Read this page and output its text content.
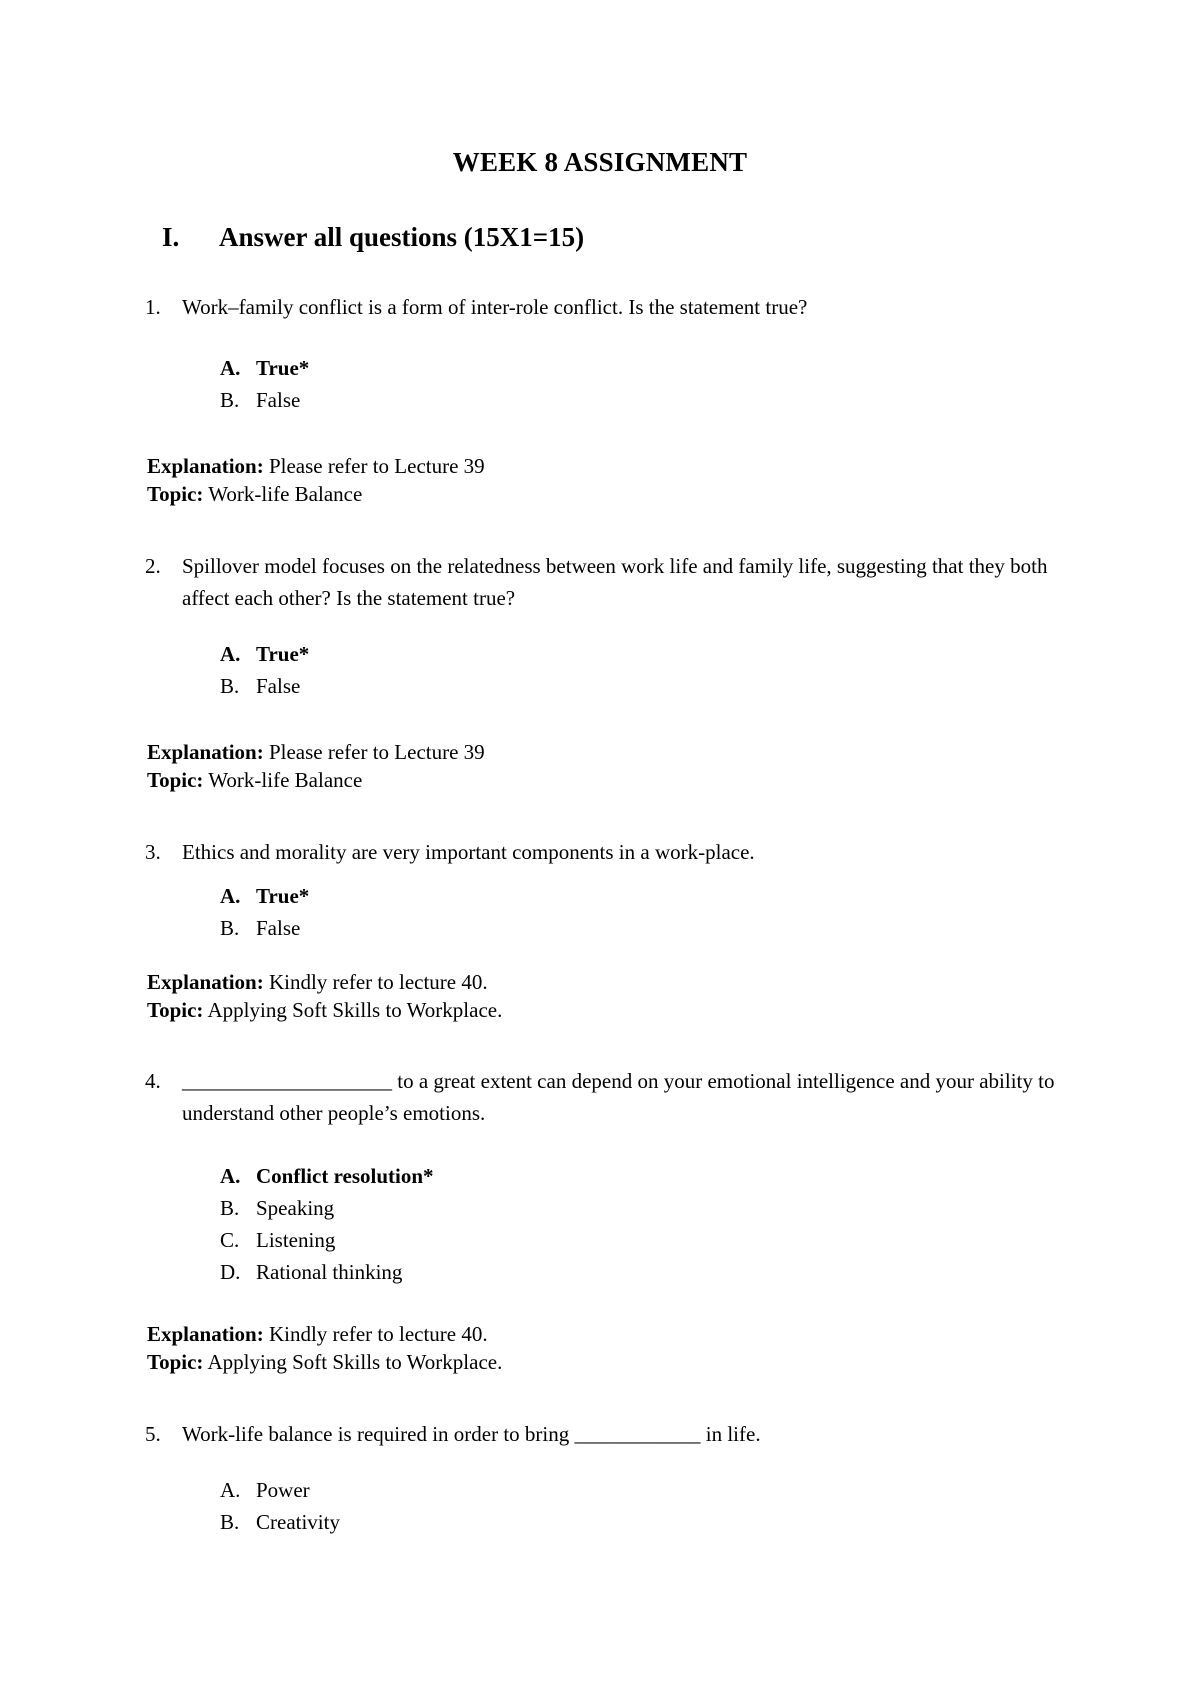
WEEK 8 ASSIGNMENT
I. Answer all questions (15X1=15)
1. Work–family conflict is a form of inter-role conflict. Is the statement true?
A. True*
B. False
Explanation: Please refer to Lecture 39
Topic: Work-life Balance
2. Spillover model focuses on the relatedness between work life and family life, suggesting that they both affect each other? Is the statement true?
A. True*
B. False
Explanation: Please refer to Lecture 39
Topic: Work-life Balance
3. Ethics and morality are very important components in a work-place.
A. True*
B. False
Explanation: Kindly refer to lecture 40.
Topic: Applying Soft Skills to Workplace.
4. ____________________ to a great extent can depend on your emotional intelligence and your ability to understand other people’s emotions.
A. Conflict resolution*
B. Speaking
C. Listening
D. Rational thinking
Explanation: Kindly refer to lecture 40.
Topic: Applying Soft Skills to Workplace.
5. Work-life balance is required in order to bring ____________ in life.
A. Power
B. Creativity
